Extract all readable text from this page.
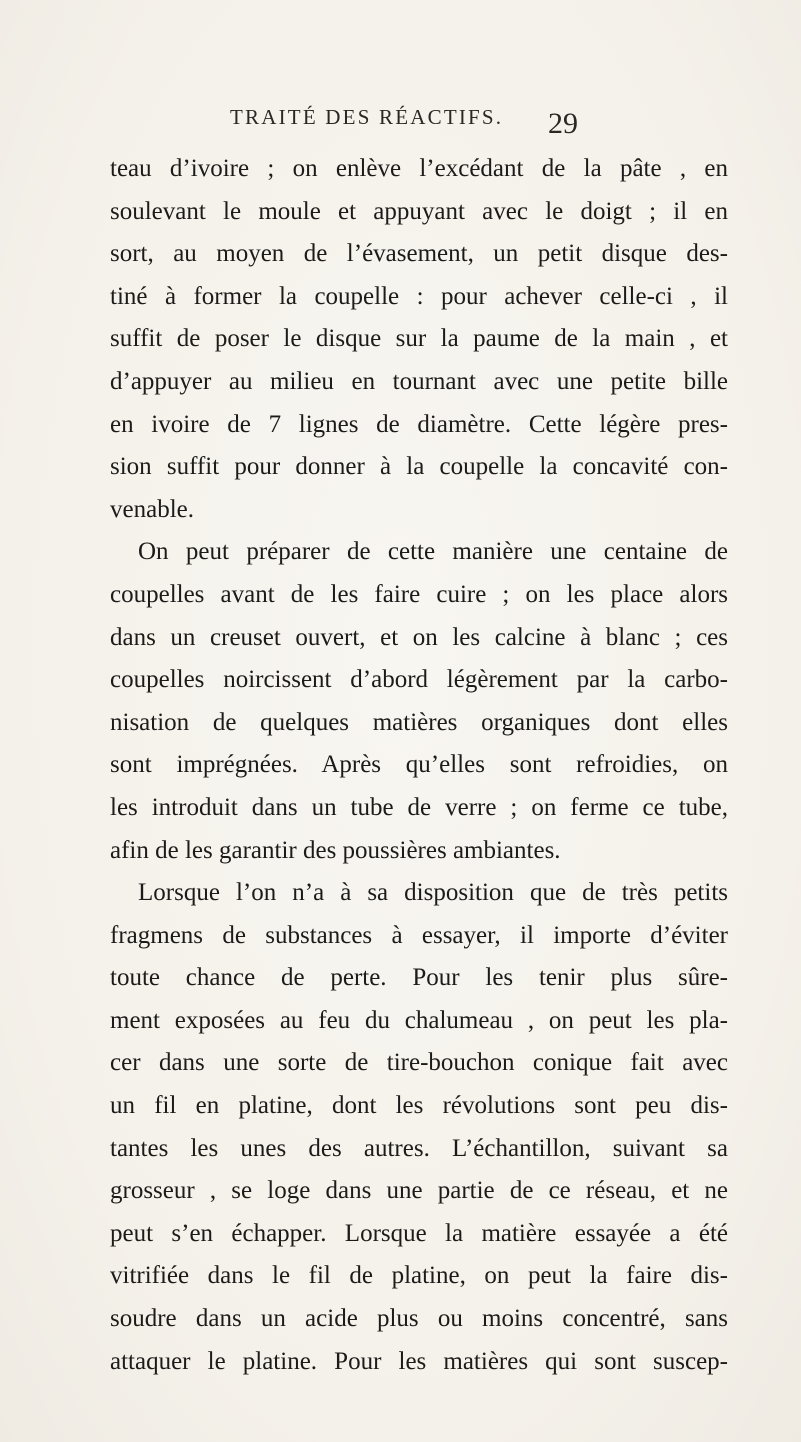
TRAITÉ DES RÉACTIFS. 29
teau d’ivoire ; on enlève l’excédant de la pâte , en
soulevant le moule et appuyant avec le doigt ; il en
sort, au moyen de l’évasement, un petit disque des-
tiné à former la coupelle : pour achever celle-ci , il
suffit de poser le disque sur la paume de la main , et
d’appuyer au milieu en tournant avec une petite bille
en ivoire de 7 lignes de diamètre. Cette légère pres-
sion suffit pour donner à la coupelle la concavité con-
venable.
On peut préparer de cette manière une centaine de
coupelles avant de les faire cuire ; on les place alors
dans un creuset ouvert, et on les calcine à blanc ; ces
coupelles noircissent d’abord légèrement par la carbo-
nisation de quelques matières organiques dont elles
sont imprégnées. Après qu’elles sont refroidies, on
les introduit dans un tube de verre ; on ferme ce tube,
afin de les garantir des poussières ambiantes.
Lorsque l’on n’a à sa disposition que de très petits
fragmens de substances à essayer, il importe d’éviter
toute chance de perte. Pour les tenir plus sûre-
ment exposées au feu du chalumeau , on peut les pla-
cer dans une sorte de tire-bouchon conique fait avec
un fil en platine, dont les révolutions sont peu dis-
tantes les unes des autres. L’échantillon, suivant sa
grosseur , se loge dans une partie de ce réseau, et ne
peut s’en échapper. Lorsque la matière essayée a été
vitrifiée dans le fil de platine, on peut la faire dis-
soudre dans un acide plus ou moins concentré, sans
attaquer le platine. Pour les matières qui sont suscep-
